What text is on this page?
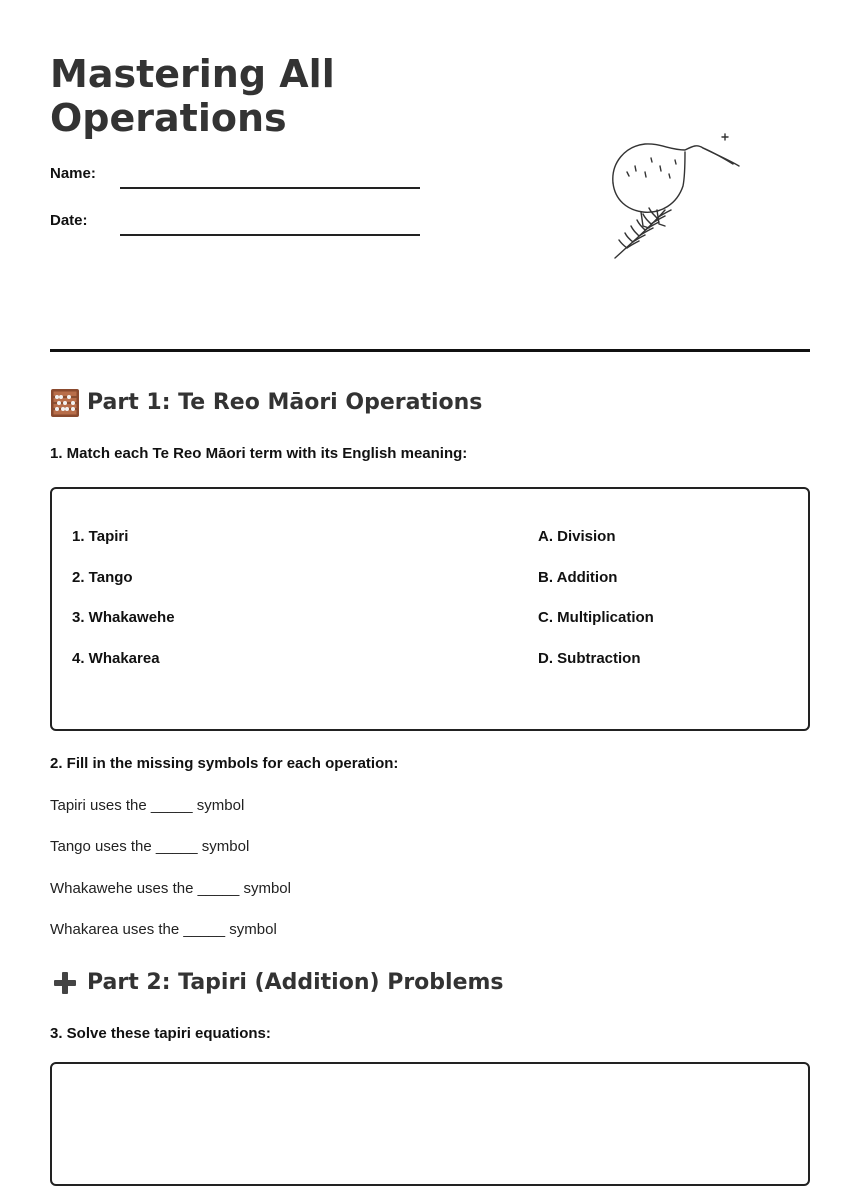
Mastering All
Operations
Name:
Date:
Part 1: Te Reo Māori Operations
1. Match each Te Reo Māori term with its English meaning:
1. Tapiri
2. Tango
3. Whakawehe
4. Whakarea
A. Division
B. Addition
C. Multiplication
D. Subtraction
2. Fill in the missing symbols for each operation:
Tapiri uses the _____ symbol
Tango uses the _____ symbol
Whakawehe uses the _____ symbol
Whakarea uses the _____ symbol
Part 2: Tapiri (Addition) Problems
3. Solve these tapiri equations:
